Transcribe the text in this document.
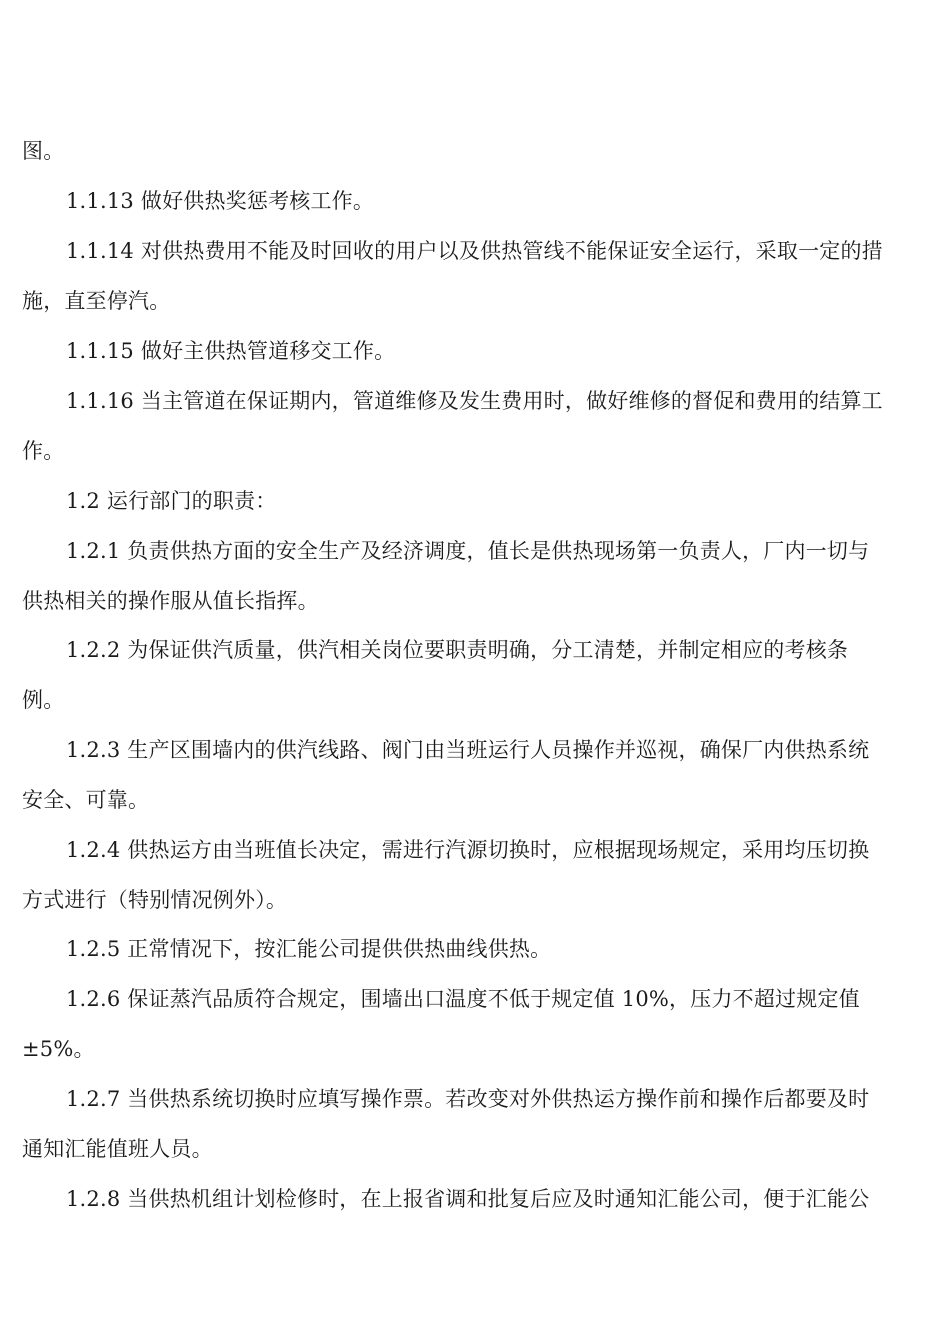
图。
1.1.13 做好供热奖惩考核工作。
1.1.14 对供热费用不能及时回收的用户以及供热管线不能保证安全运行，采取一定的措
施，直至停汽。
1.1.15 做好主供热管道移交工作。
1.1.16 当主管道在保证期内，管道维修及发生费用时，做好维修的督促和费用的结算工
作。
1.2 运行部门的职责：
1.2.1 负责供热方面的安全生产及经济调度，值长是供热现场第一负责人，厂内一切与
供热相关的操作服从值长指挥。
1.2.2 为保证供汽质量，供汽相关岗位要职责明确，分工清楚，并制定相应的考核条
例。
1.2.3 生产区围墙内的供汽线路、阀门由当班运行人员操作并巡视，确保厂内供热系统
安全、可靠。
1.2.4 供热运方由当班值长决定，需进行汽源切换时，应根据现场规定，采用均压切换
方式进行（特别情况例外）。
1.2.5 正常情况下，按汇能公司提供供热曲线供热。
1.2.6 保证蒸汽品质符合规定，围墙出口温度不低于规定值 10%，压力不超过规定值
±5%。
1.2.7 当供热系统切换时应填写操作票。若改变对外供热运方操作前和操作后都要及时
通知汇能值班人员。
1.2.8 当供热机组计划检修时，在上报省调和批复后应及时通知汇能公司，便于汇能公
